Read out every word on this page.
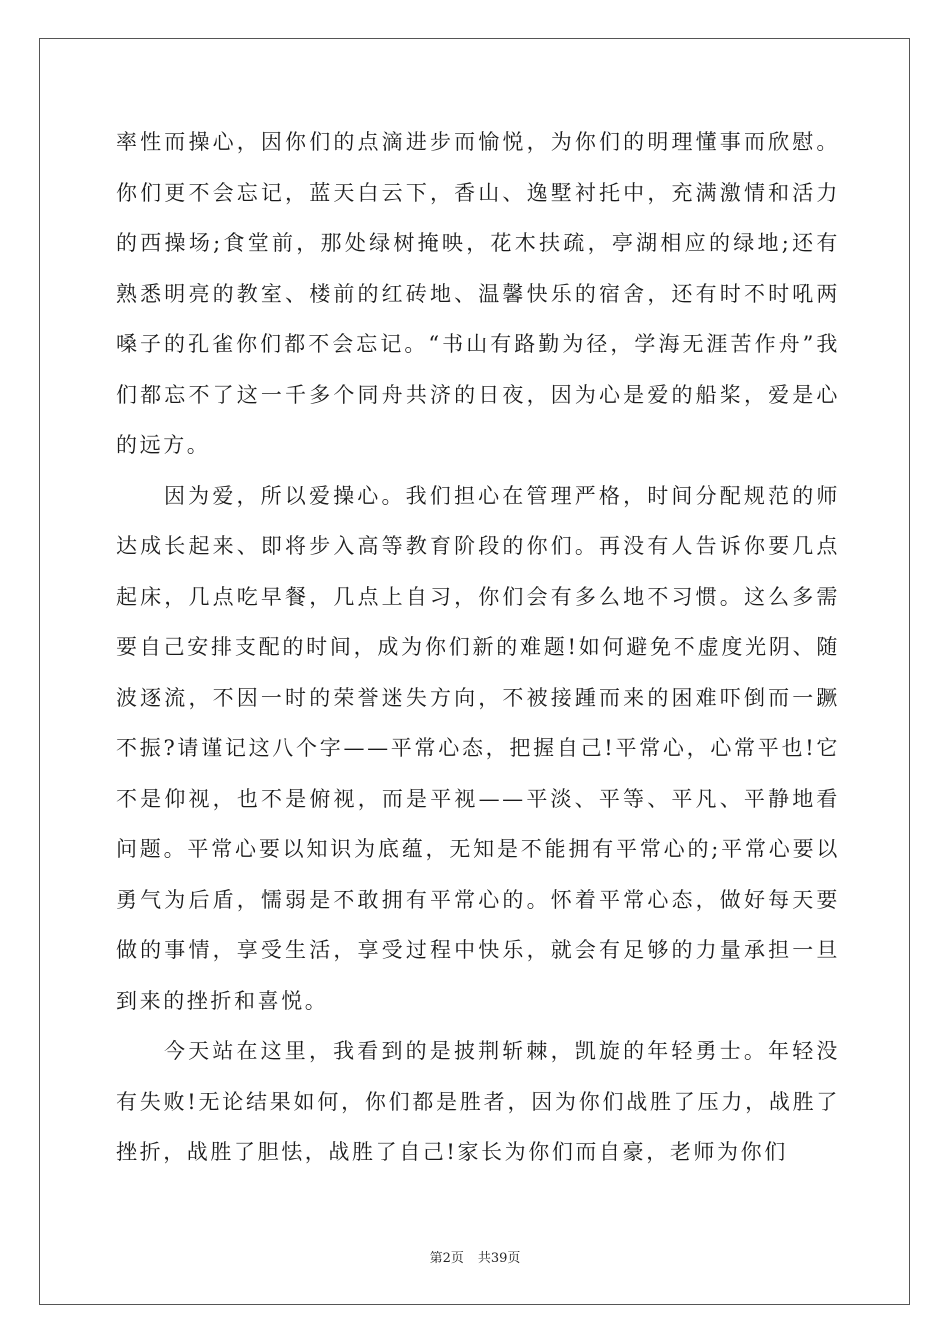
率性而操心，因你们的点滴进步而愉悦，为你们的明理懂事而欣慰。你们更不会忘记，蓝天白云下，香山、逸墅衬托中，充满激情和活力的西操场;食堂前，那处绿树掩映，花木扶疏，亭湖相应的绿地;还有熟悉明亮的教室、楼前的红砖地、温馨快乐的宿舍，还有时不时吼两嗓子的孔雀你们都不会忘记。“书山有路勤为径，学海无涯苦作舟”我们都忘不了这一千多个同舟共济的日夜，因为心是爱的船桨，爱是心的远方。

因为爱，所以爱操心。我们担心在管理严格，时间分配规范的师达成长起来、即将步入高等教育阶段的你们。再没有人告诉你要几点起床，几点吃早餐，几点上自习，你们会有多么地不习惯。这么多需要自己安排支配的时间，成为你们新的难题!如何避免不虚度光阴、随波逐流，不因一时的荣誉迷失方向，不被接踵而来的困难吓倒而一蹶不振?请谨记这八个字——平常心态，把握自己!平常心，心常平也!它不是仰视，也不是俯视，而是平视——平淡、平等、平凡、平静地看问题。平常心要以知识为底蕴，无知是不能拥有平常心的;平常心要以勇气为后盾，懦弱是不敢拥有平常心的。怀着平常心态，做好每天要做的事情，享受生活，享受过程中快乐，就会有足够的力量承担一旦到来的挫折和喜悦。

今天站在这里，我看到的是披荆斩棘，凯旋的年轻勇士。年轻没有失败!无论结果如何，你们都是胜者，因为你们战胜了压力，战胜了挫折，战胜了胆怯，战胜了自己!家长为你们而自豪，老师为你们

第2页 共39页
